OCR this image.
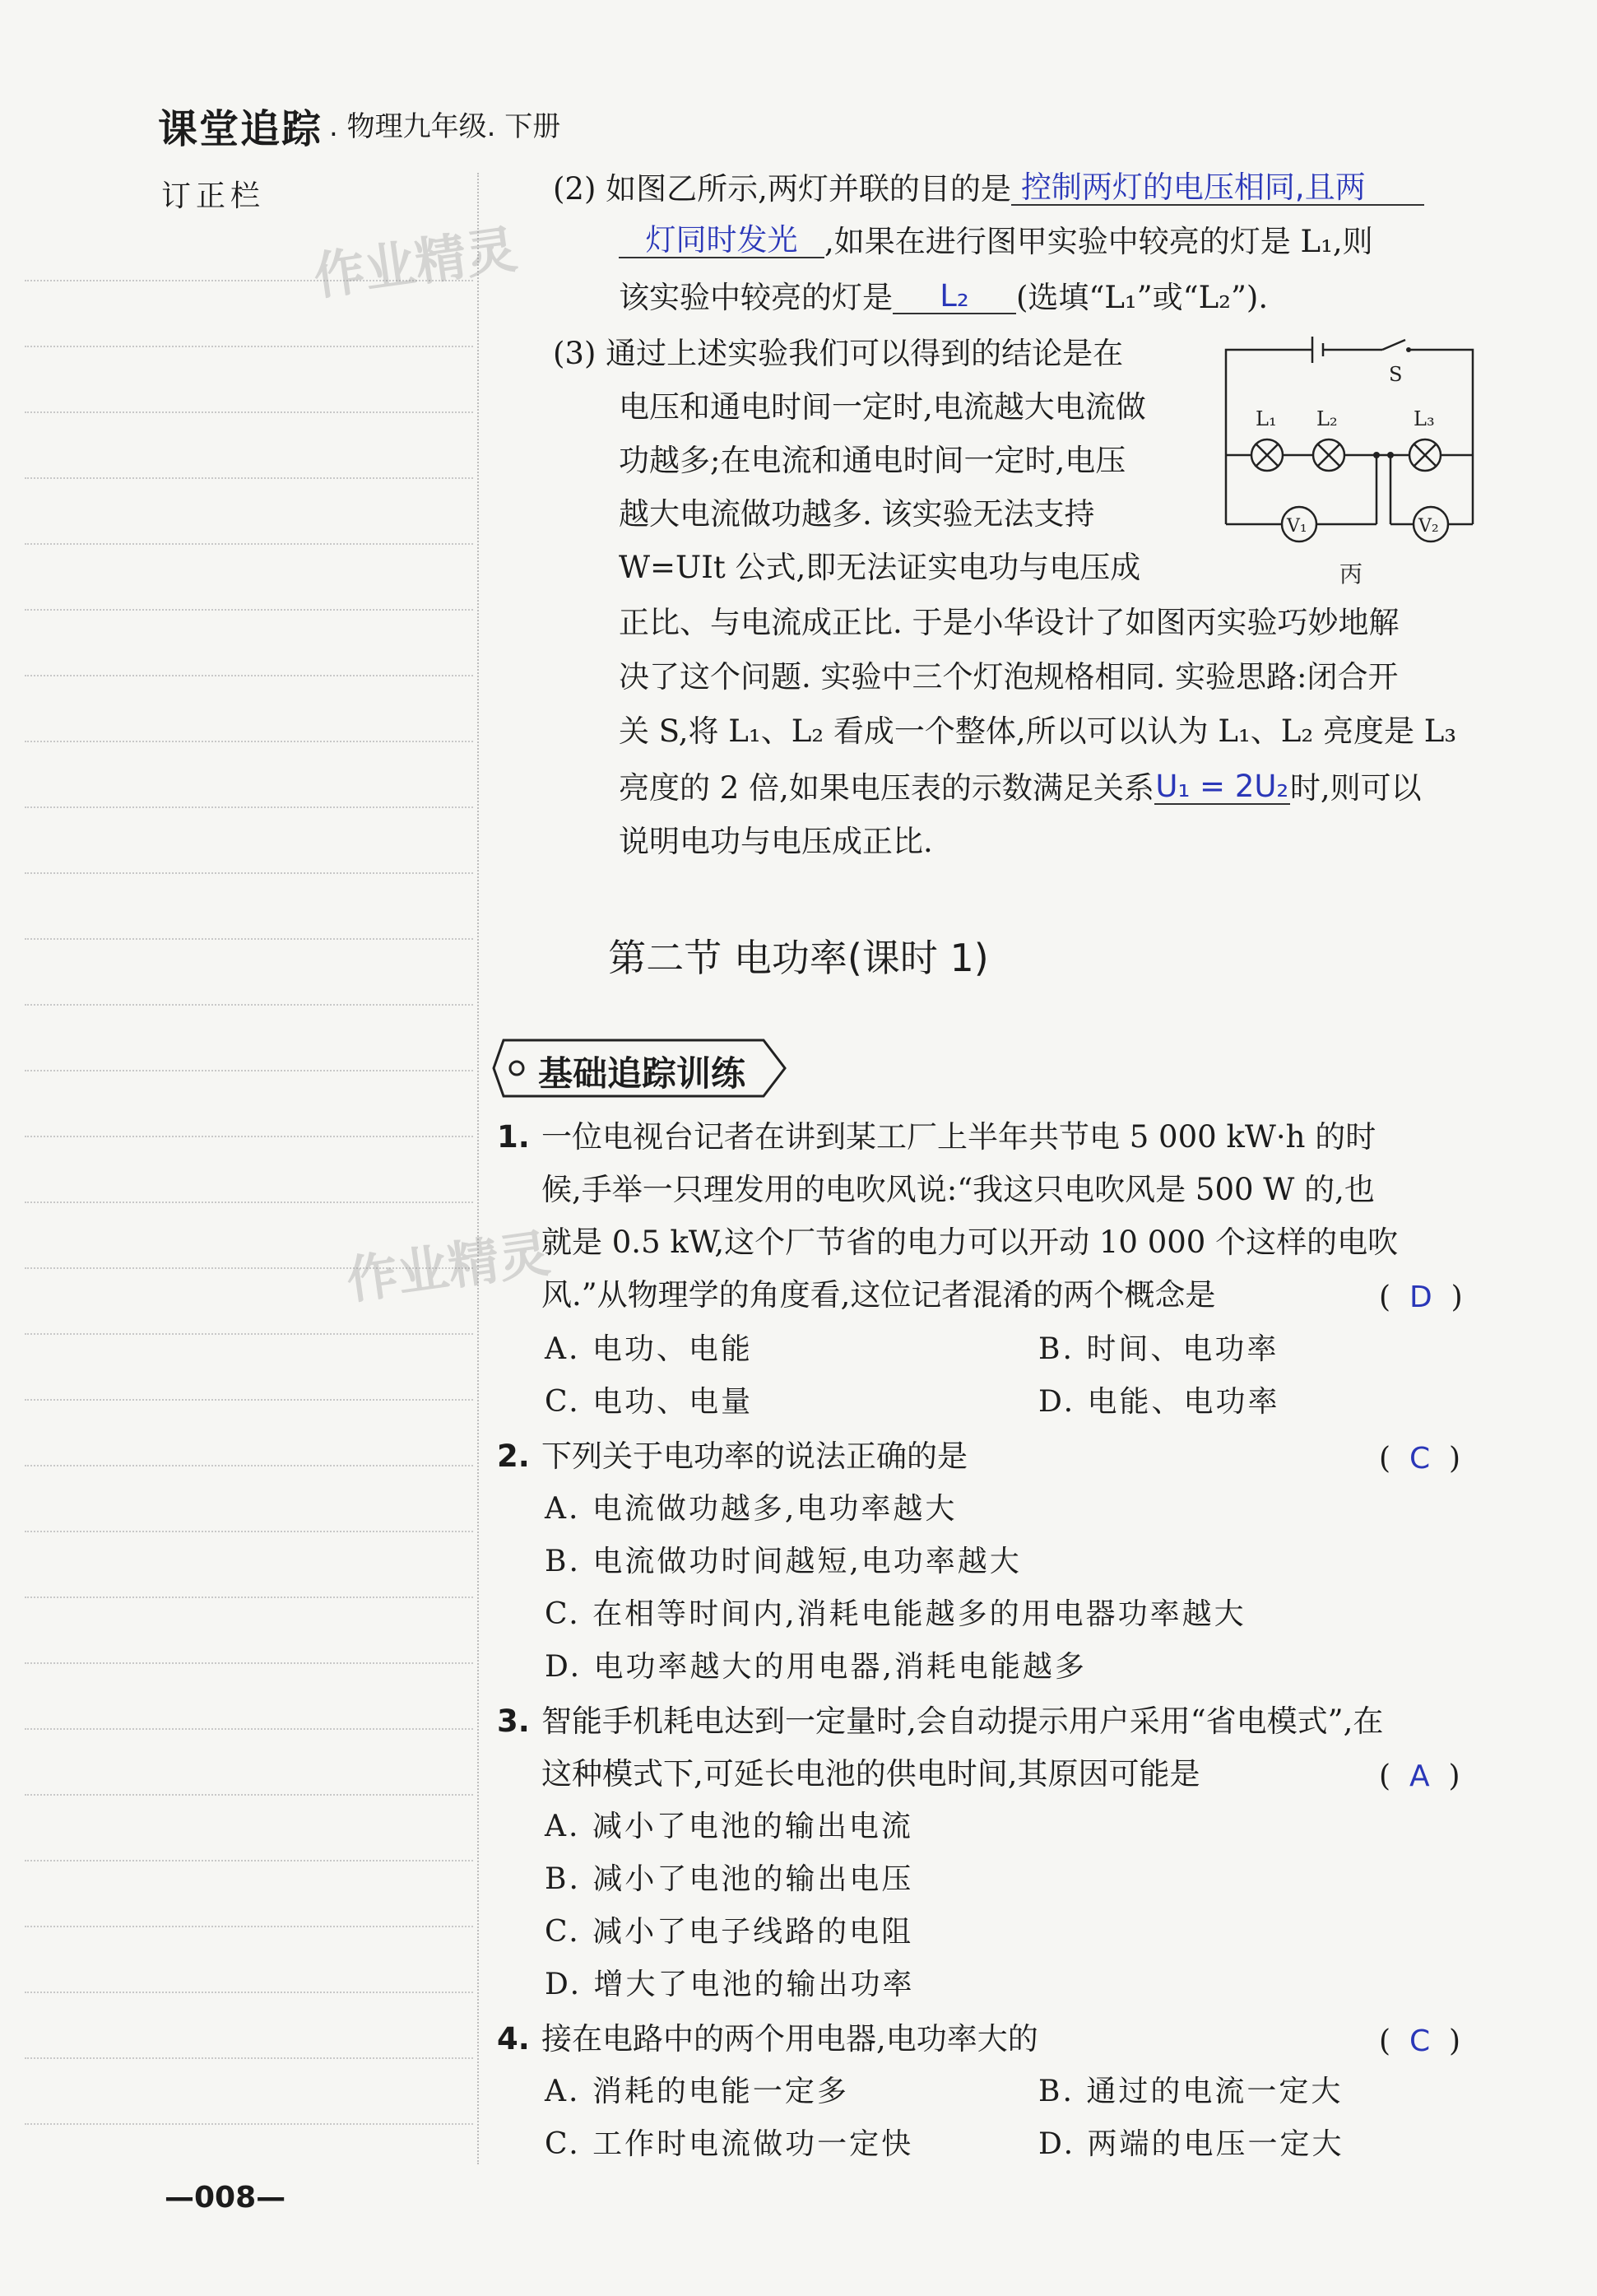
课堂追踪 . 物理九年级. 下册
订正栏
作业精灵
作业精灵
(2) 如图乙所示,两灯并联的目的是 控制两灯的电压相同,且两
灯同时发光 ,如果在进行图甲实验中较亮的灯是 L₁,则
该实验中较亮的灯是 L₂ (选填“L₁”或“L₂”).
(3) 通过上述实验我们可以得到的结论是在
电压和通电时间一定时,电流越大电流做
功越多;在电流和通电时间一定时,电压
越大电流做功越多. 该实验无法支持
W=UIt 公式,即无法证实电功与电压成
正比、与电流成正比. 于是小华设计了如图丙实验巧妙地解
决了这个问题. 实验中三个灯泡规格相同. 实验思路:闭合开
关 S,将 L₁、L₂ 看成一个整体,所以可以认为 L₁、L₂ 亮度是 L₃
亮度的 2 倍,如果电压表的示数满足关系U₁ = 2U₂时,则可以
说明电功与电压成正比.
S
L₁ L₂	L₃
V₁	V₂
丙
第二节 电功率(课时 1)
基础追踪训练
1. 一位电视台记者在讲到某工厂上半年共节电 5 000 kW·h 的时
候,手举一只理发用的电吹风说:“我这只电吹风是 500 W 的,也
就是 0.5 kW,这个厂节省的电力可以开动 10 000 个这样的电吹
风.”从物理学的角度看,这位记者混淆的两个概念是	( D )
A. 电功、电能	B. 时间、电功率
C. 电功、电量	D. 电能、电功率
2. 下列关于电功率的说法正确的是	( C )
A. 电流做功越多,电功率越大
B. 电流做功时间越短,电功率越大
C. 在相等时间内,消耗电能越多的用电器功率越大
D. 电功率越大的用电器,消耗电能越多
3. 智能手机耗电达到一定量时,会自动提示用户采用“省电模式”,在
这种模式下,可延长电池的供电时间,其原因可能是	( A )
A. 减小了电池的输出电流
B. 减小了电池的输出电压
C. 减小了电子线路的电阻
D. 增大了电池的输出功率
4. 接在电路中的两个用电器,电功率大的	( C )
A. 消耗的电能一定多	B. 通过的电流一定大
C. 工作时电流做功一定快	D. 两端的电压一定大
—008—
